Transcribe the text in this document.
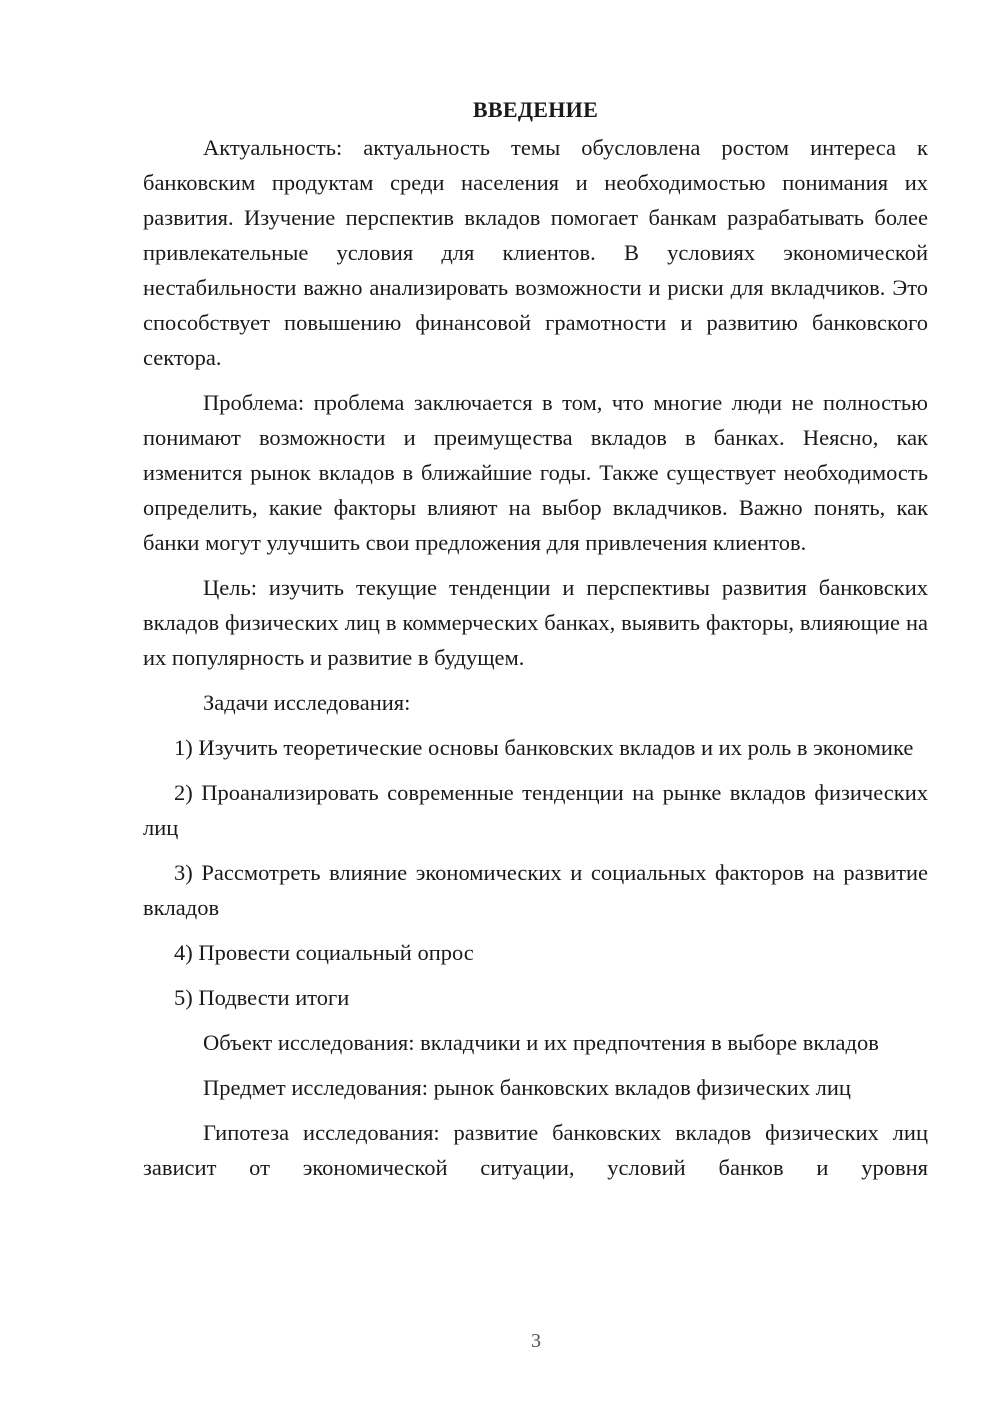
ВВЕДЕНИЕ

Актуальность: актуальность темы обусловлена ростом интереса к банковским продуктам среди населения и необходимостью понимания их развития. Изучение перспектив вкладов помогает банкам разрабатывать более привлекательные условия для клиентов. В условиях экономической нестабильности важно анализировать возможности и риски для вкладчиков. Это способствует повышению финансовой грамотности и развитию банковского сектора.

Проблема: проблема заключается в том, что многие люди не полностью понимают возможности и преимущества вкладов в банках. Неясно, как изменится рынок вкладов в ближайшие годы. Также существует необходимость определить, какие факторы влияют на выбор вкладчиков. Важно понять, как банки могут улучшить свои предложения для привлечения клиентов.

Цель: изучить текущие тенденции и перспективы развития банковских вкладов физических лиц в коммерческих банках, выявить факторы, влияющие на их популярность и развитие в будущем.

Задачи исследования:

1) Изучить теоретические основы банковских вкладов и их роль в экономике

2) Проанализировать современные тенденции на рынке вкладов физических лиц

3) Рассмотреть влияние экономических и социальных факторов на развитие вкладов

4) Провести социальный опрос

5) Подвести итоги

Объект исследования: вкладчики и их предпочтения в выборе вкладов

Предмет исследования: рынок банковских вкладов физических лиц

Гипотеза исследования: развитие банковских вкладов физических лиц зависит от экономической ситуации, условий банков и уровня

3
